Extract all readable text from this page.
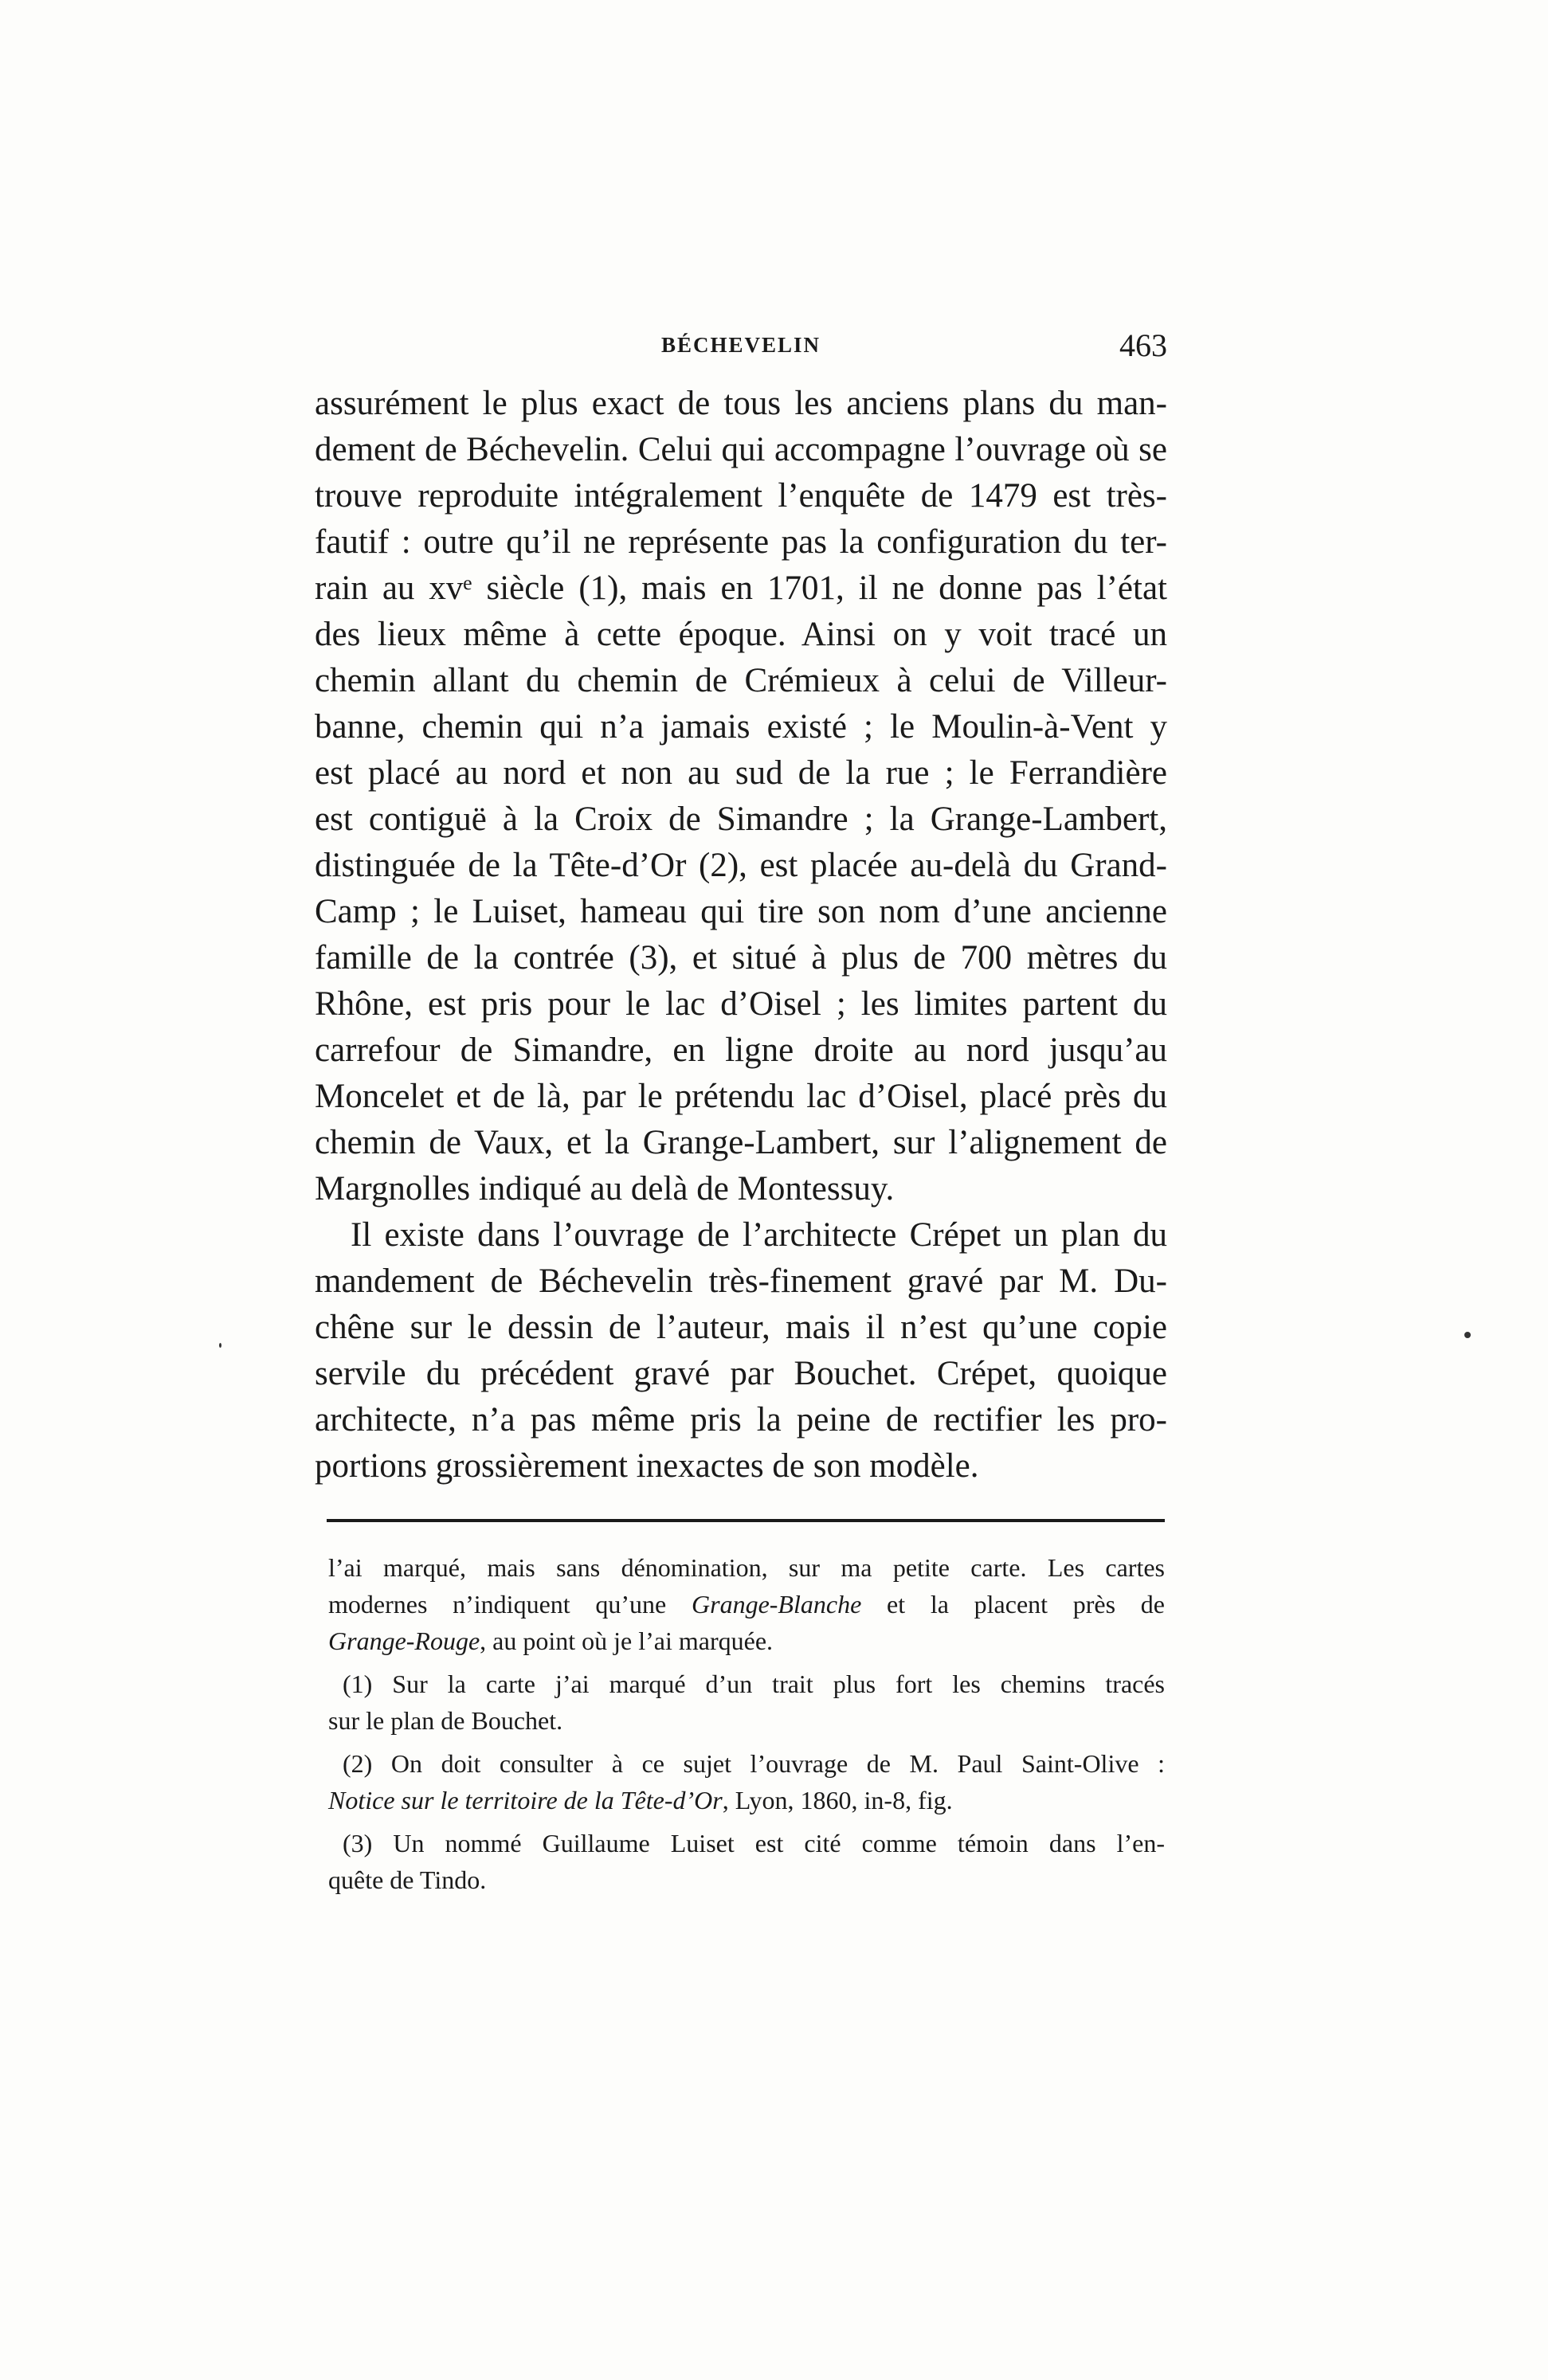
BÉCHEVELIN	463
assurément le plus exact de tous les anciens plans du man-
dement de Béchevelin. Celui qui accompagne l’ouvrage où se
trouve reproduite intégralement l’enquête de 1479 est très-
fautif : outre qu’il ne représente pas la configuration du ter-
rain au xvᵉ siècle (1), mais en 1701, il ne donne pas l’état
des lieux même à cette époque. Ainsi on y voit tracé un
chemin allant du chemin de Crémieux à celui de Villeur-
banne, chemin qui n’a jamais existé ; le Moulin-à-Vent y
est placé au nord et non au sud de la rue ; le Ferrandière
est contiguë à la Croix de Simandre ; la Grange-Lambert,
distinguée de la Tête-d’Or (2), est placée au-delà du Grand-
Camp ; le Luiset, hameau qui tire son nom d’une ancienne
famille de la contrée (3), et situé à plus de 700 mètres du
Rhône, est pris pour le lac d’Oisel ; les limites partent du
carrefour de Simandre, en ligne droite au nord jusqu’au
Moncelet et de là, par le prétendu lac d’Oisel, placé près du
chemin de Vaux, et la Grange-Lambert, sur l’alignement de
Margnolles indiqué au delà de Montessuy.
Il existe dans l’ouvrage de l’architecte Crépet un plan du
mandement de Béchevelin très-finement gravé par M. Du-
chêne sur le dessin de l’auteur, mais il n’est qu’une copie
servile du précédent gravé par Bouchet. Crépet, quoique
architecte, n’a pas même pris la peine de rectifier les pro-
portions grossièrement inexactes de son modèle.
l’ai marqué, mais sans dénomination, sur ma petite carte. Les cartes
modernes n’indiquent qu’une Grange-Blanche et la placent près de
Grange-Rouge, au point où je l’ai marquée.
(1) Sur la carte j’ai marqué d’un trait plus fort les chemins tracés
sur le plan de Bouchet.
(2) On doit consulter à ce sujet l’ouvrage de M. Paul Saint-Olive :
Notice sur le territoire de la Tête-d’Or, Lyon, 1860, in-8, fig.
(3) Un nommé Guillaume Luiset est cité comme témoin dans l’en-
quête de Tindo.
